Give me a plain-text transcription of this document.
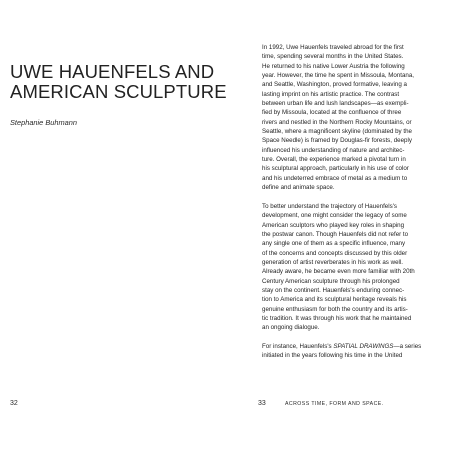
UWE HAUENFELS AND
AMERICAN SCULPTURE
Stephanie Buhmann
32

In 1992, Uwe Hauenfels traveled abroad for the first
time, spending several months in the United States.
He returned to his native Lower Austria the following
year. However, the time he spent in Missoula, Montana,
and Seattle, Washington, proved formative, leaving a
lasting imprint on his artistic practice. The contrast
between urban life and lush landscapes—as exempli-
fied by Missoula, located at the confluence of three
rivers and nestled in the Northern Rocky Mountains, or
Seattle, where a magnificent skyline (dominated by the
Space Needle) is framed by Douglas-fir forests, deeply
influenced his understanding of nature and architec-
ture. Overall, the experience marked a pivotal turn in
his sculptural approach, particularly in his use of color
and his undeterred embrace of metal as a medium to
define and animate space.

To better understand the trajectory of Hauenfels's
development, one might consider the legacy of some
American sculptors who played key roles in shaping
the postwar canon. Though Hauenfels did not refer to
any single one of them as a specific influence, many
of the concerns and concepts discussed by this older
generation of artist reverberates in his work as well.
Already aware, he became even more familiar with 20th
Century American sculpture through his prolonged
stay on the continent. Hauenfels's enduring connec-
tion to America and its sculptural heritage reveals his
genuine enthusiasm for both the country and its artis-
tic tradition. It was through his work that he maintained
an ongoing dialogue.

For instance, Hauenfels's SPATIAL DRAWINGS—a series
initiated in the years following his time in the United

33	ACROSS TIME, FORM AND SPACE.
